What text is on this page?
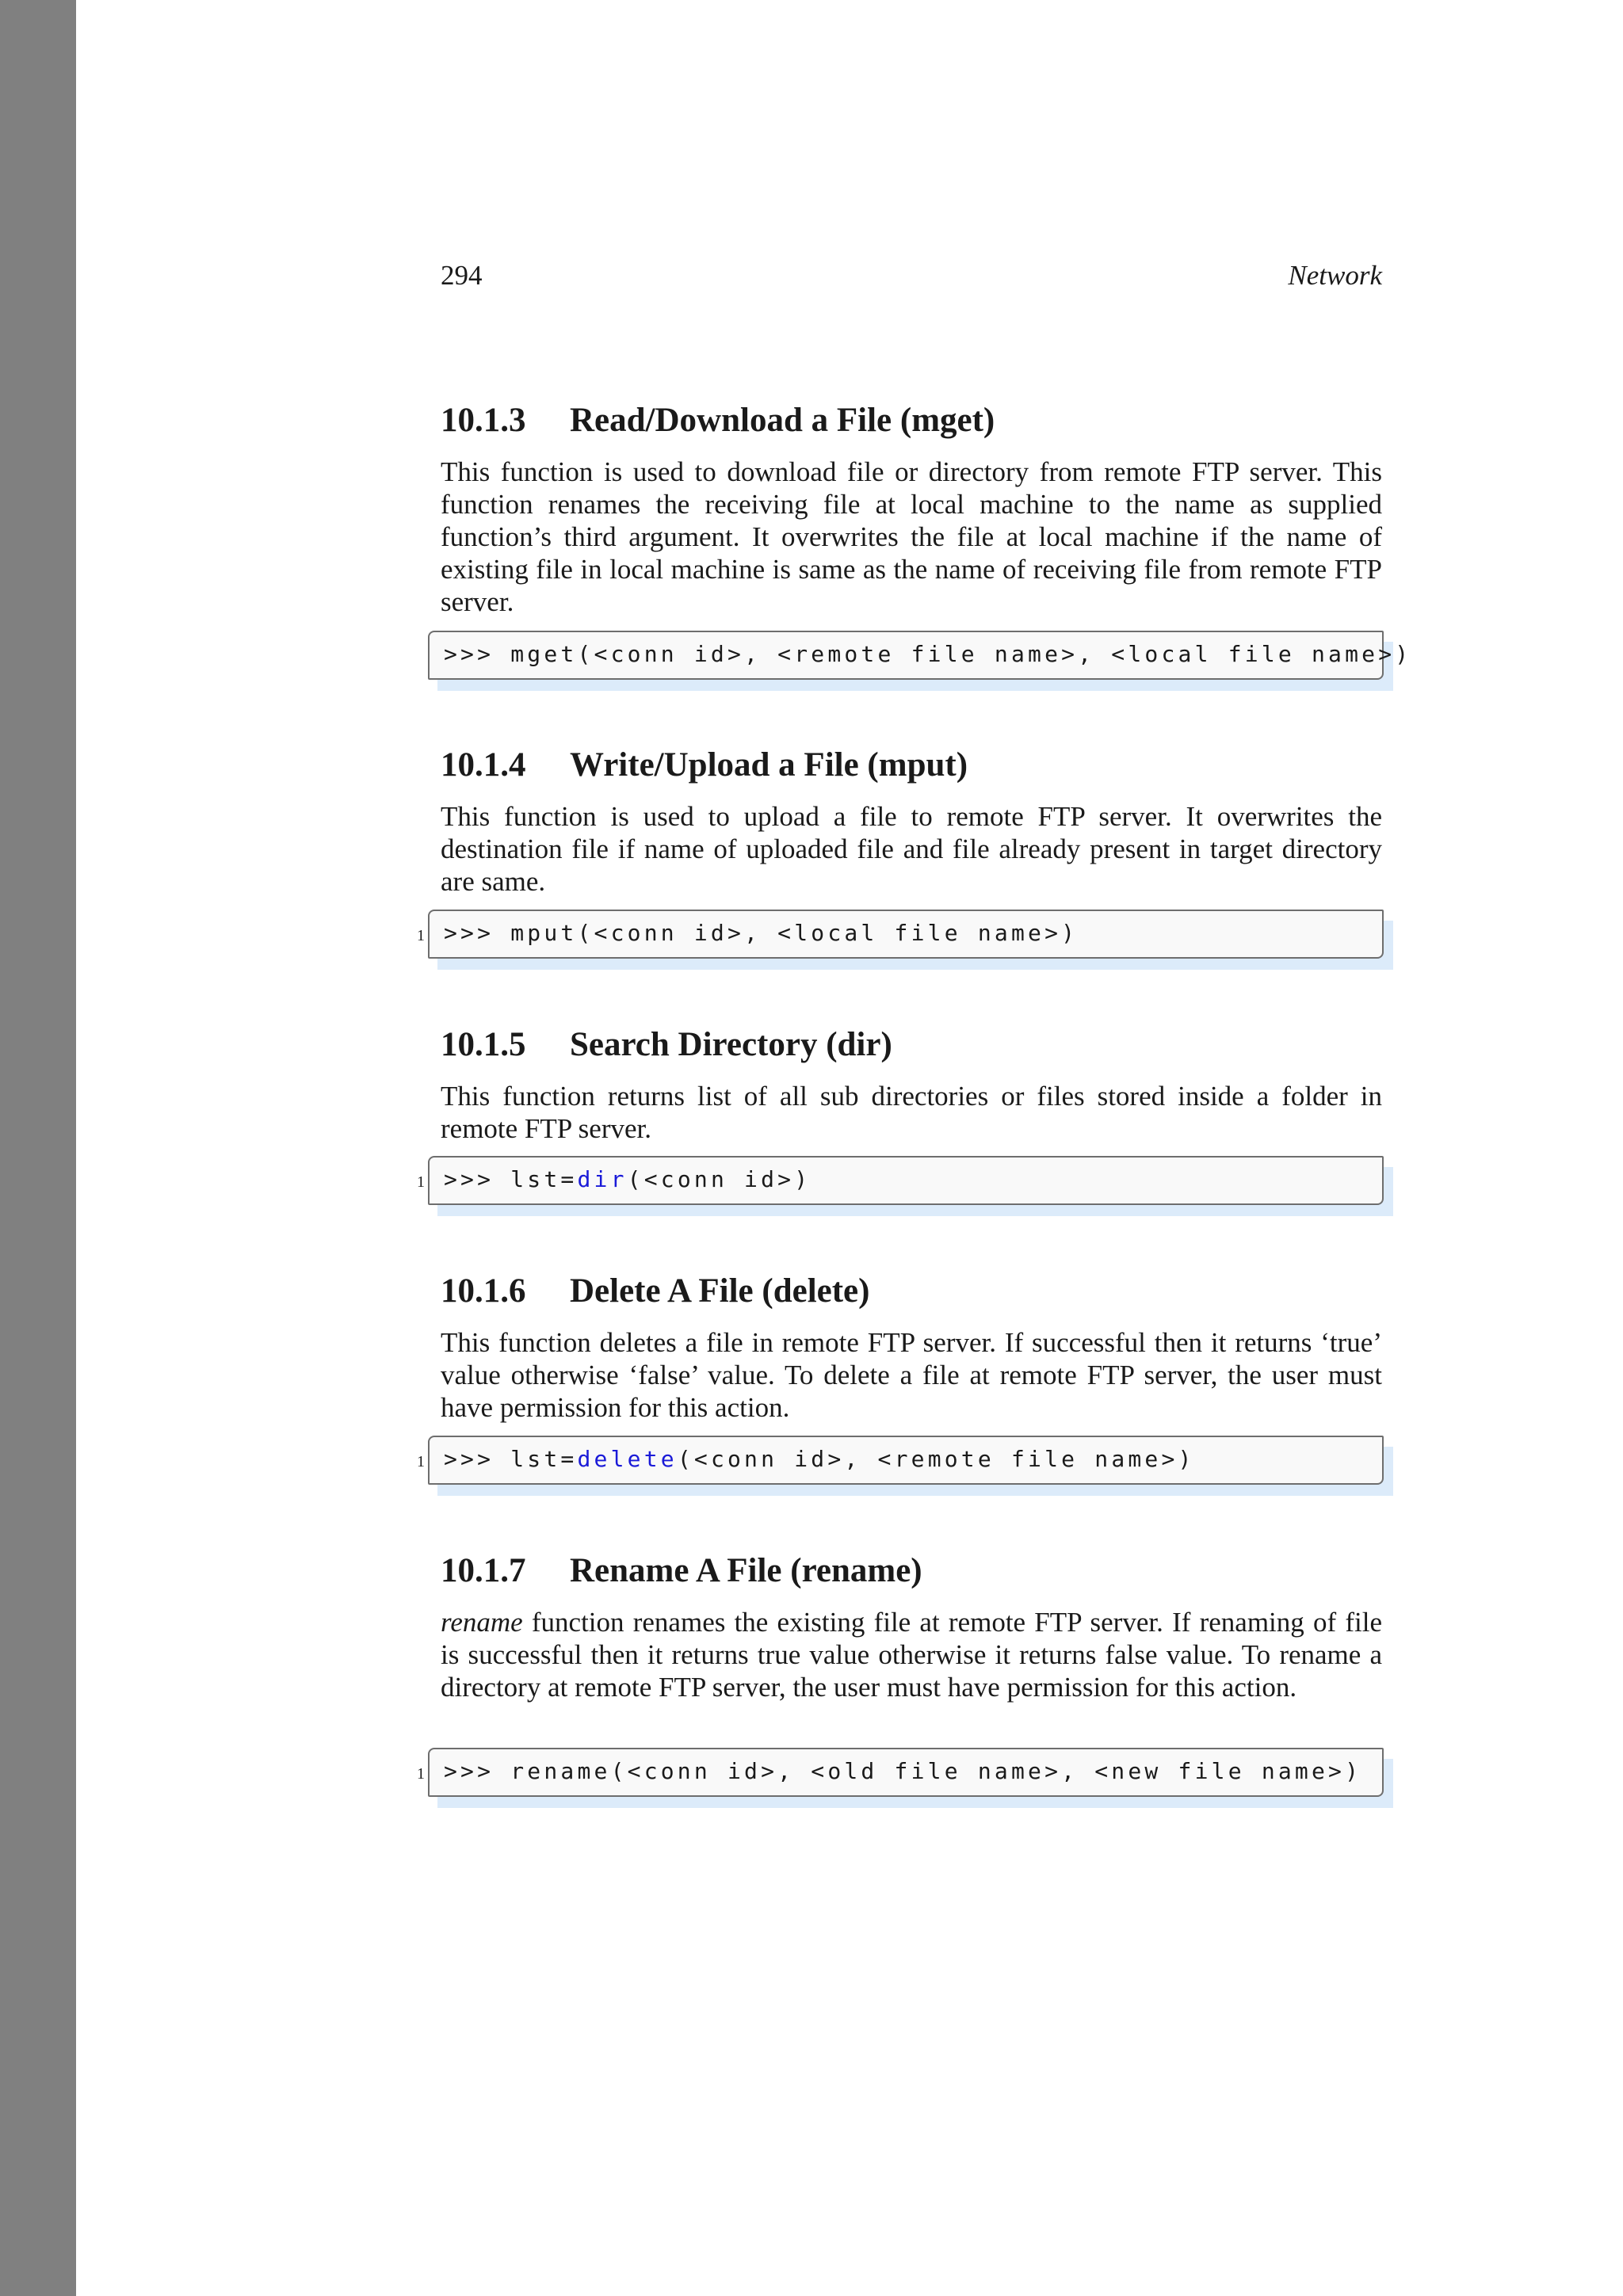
294	Network
10.1.3 Read/Download a File (mget)

This function is used to download file or directory from remote FTP server. This function renames the receiving file at local machine to the name as supplied function’s third argument. It overwrites the file at local machine if the name of existing file in local machine is same as the name of receiving file from remote FTP server.

>>> mget(<conn id>, <remote file name>, <local file name>)
10.1.4 Write/Upload a File (mput)

This function is used to upload a file to remote FTP server. It overwrites the destination file if name of uploaded file and file already present in target directory are same.

1 >>> mput(<conn id>, <local file name>)
10.1.5 Search Directory (dir)

This function returns list of all sub directories or files stored inside a folder in remote FTP server.

1 >>> lst=dir(<conn id>)
10.1.6 Delete A File (delete)

This function deletes a file in remote FTP server. If successful then it returns ‘true’ value otherwise ‘false’ value. To delete a file at remote FTP server, the user must have permission for this action.

1 >>> lst=delete(<conn id>, <remote file name>)
10.1.7 Rename A File (rename)

rename function renames the existing file at remote FTP server. If renaming of file is successful then it returns true value otherwise it returns false value. To rename a directory at remote FTP server, the user must have permission for this action.

1 >>> rename(<conn id>, <old file name>, <new file name>)
